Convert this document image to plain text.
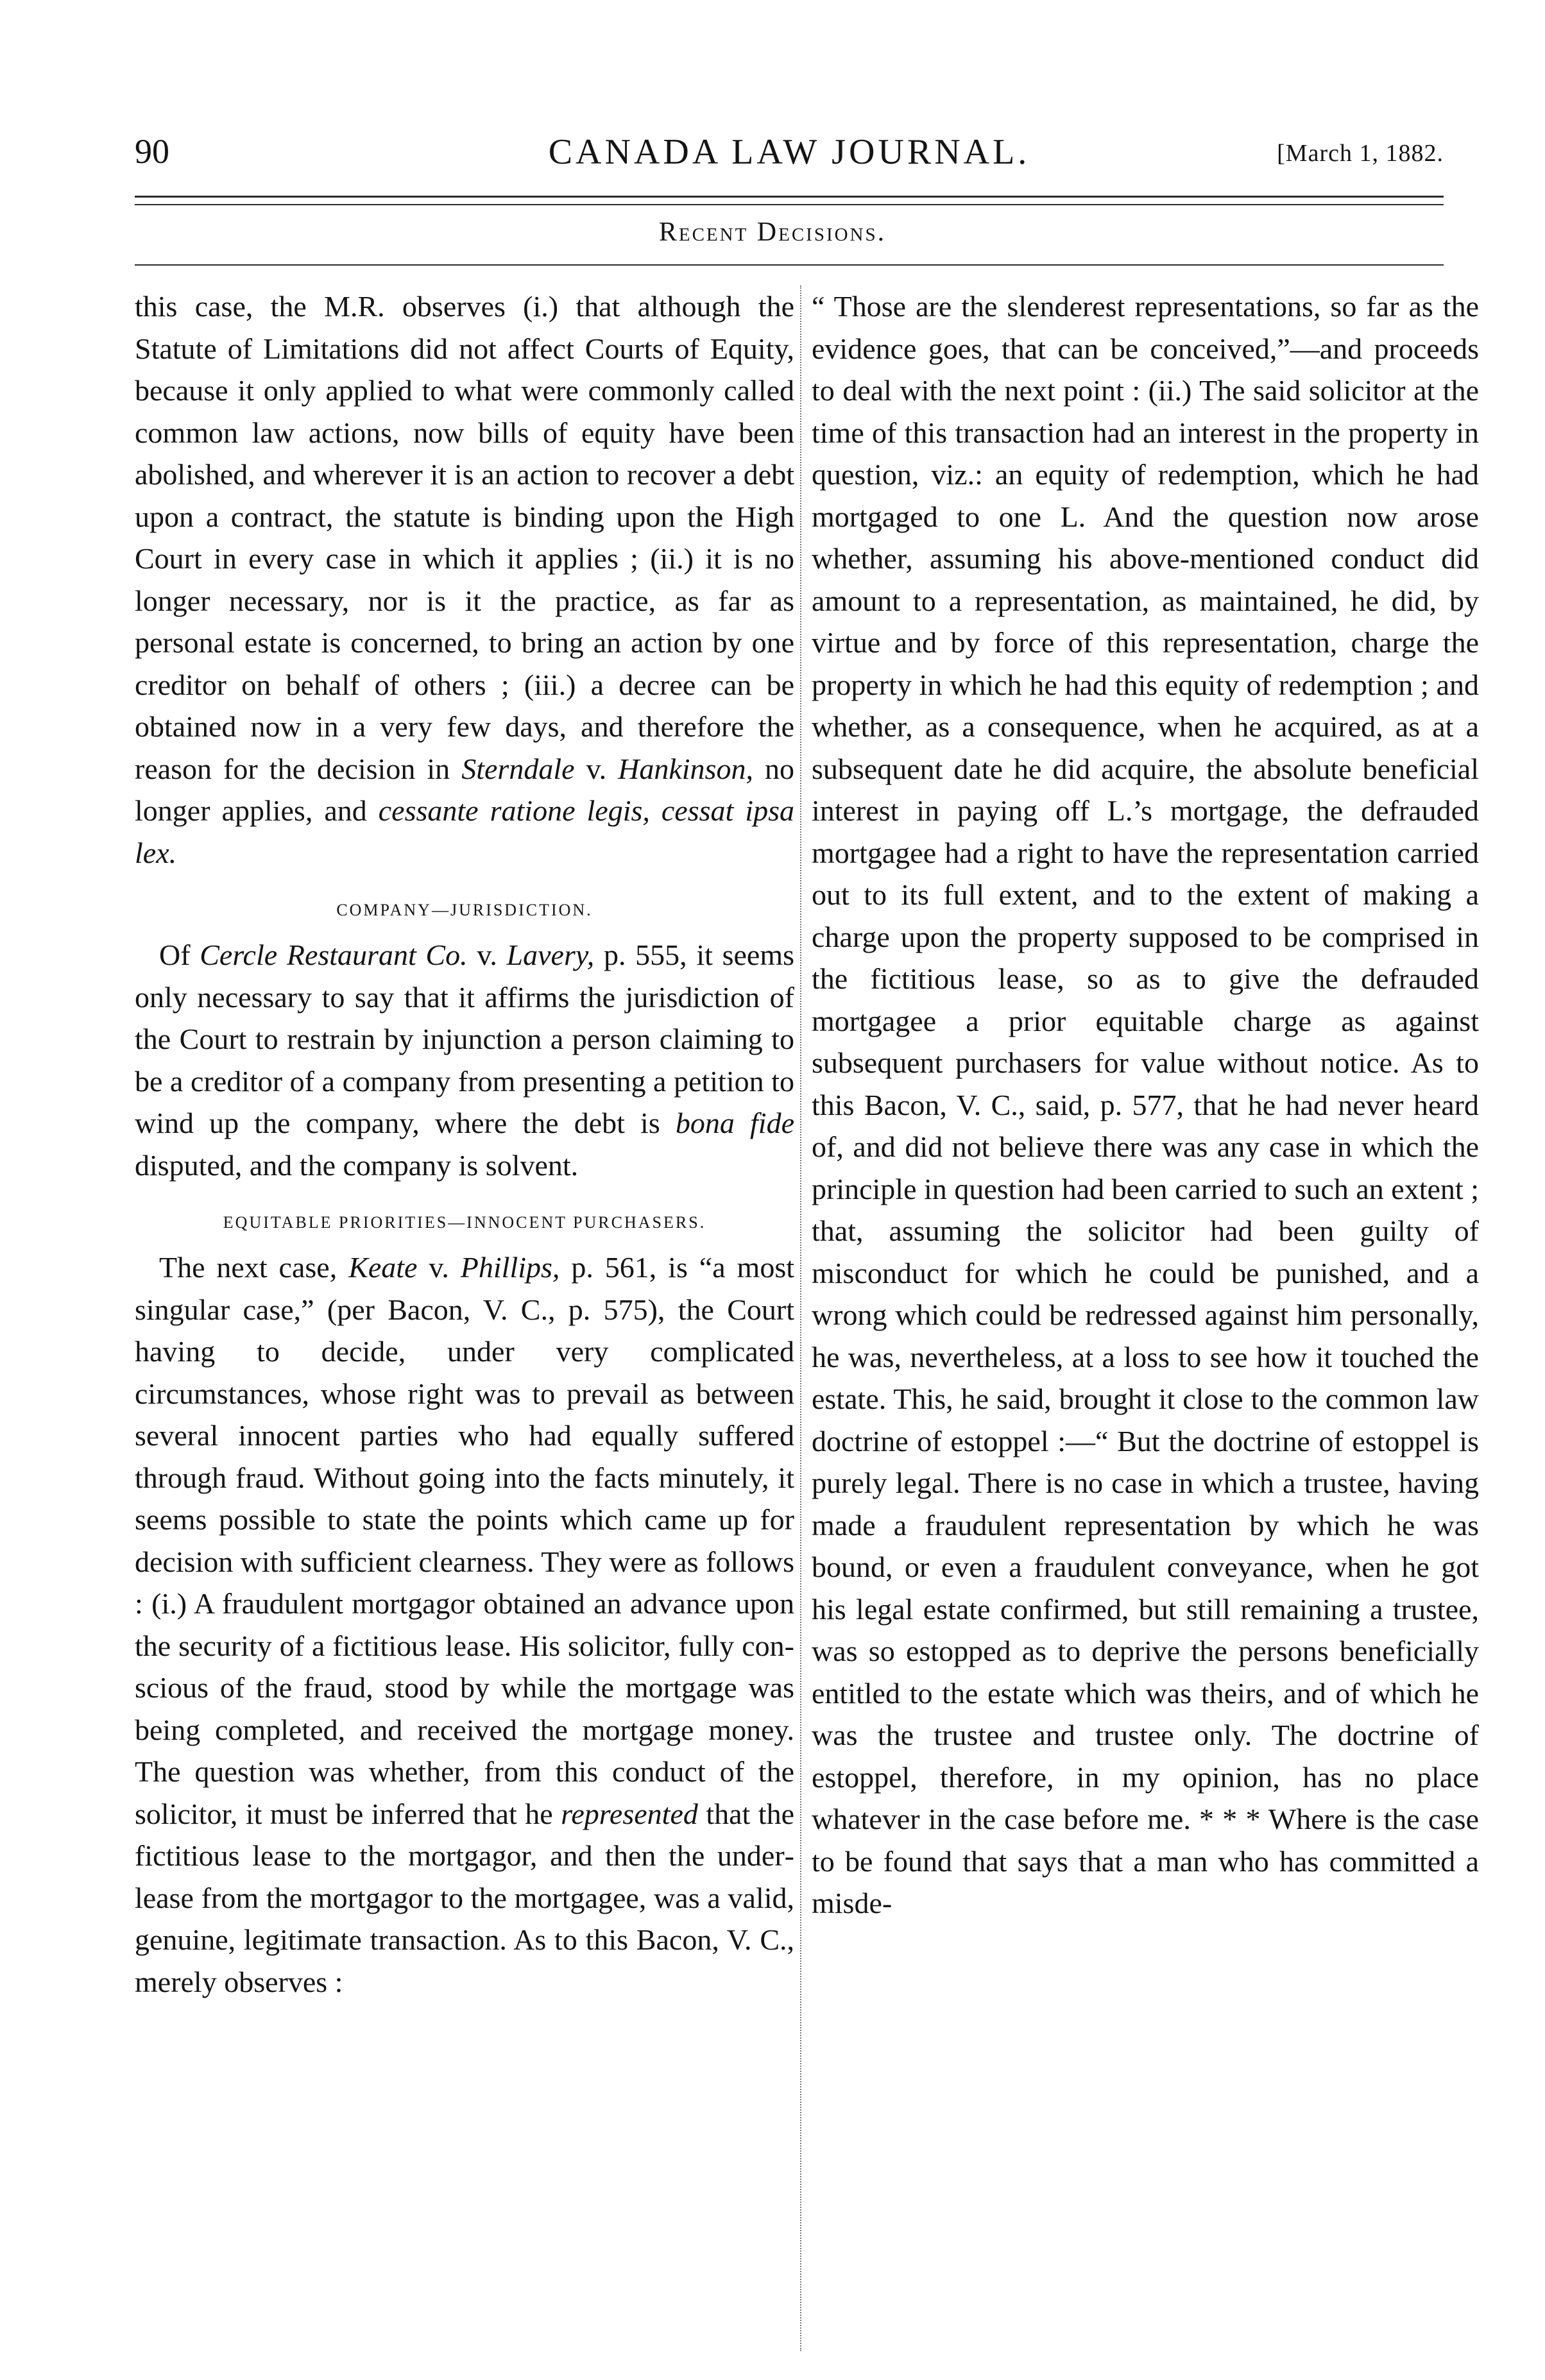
90	CANADA LAW JOURNAL.	[March 1, 1882.
Recent Decisions.

this case, the M.R. observes (i.) that although the Statute of Limitations did not affect Courts of Equity, because it only applied to what were commonly called common law actions, now bills of equity have been abolished, and wherever it is an action to recover a debt upon a contract, the statute is binding upon the High Court in every case in which it applies ; (ii.) it is no longer necessary, nor is it the practice, as far as personal estate is concerned, to bring an action by one creditor on behalf of others ; (iii.) a decree can be obtained now in a very few days, and therefore the reason for the decision in Sterndale v. Hankinson, no longer applies, and cessante ratione legis, cessat ipsa lex.

COMPANY—JURISDICTION.

Of Cercle Restaurant Co. v. Lavery, p. 555, it seems only necessary to say that it affirms the jurisdiction of the Court to restrain by injunction a person claiming to be a creditor of a company from presenting a petition to wind up the company, where the debt is bona fide disputed, and the company is solvent.

EQUITABLE PRIORITIES—INNOCENT PURCHASERS.

The next case, Keate v. Phillips, p. 561, is “a most singular case,” (per Bacon, V. C., p. 575), the Court having to decide, under very complicated circumstances, whose right was to prevail as between several innocent parties who had equally suffered through fraud. Without going into the facts minutely, it seems possible to state the points which came up for decision with sufficient clearness. They were as follows : (i.) A fraudulent mortgagor obtained an advance upon the security of a fictitious lease. His solicitor, fully conscious of the fraud, stood by while the mortgage was being completed, and received the mortgage money. The question was whether, from this conduct of the solicitor, it must be inferred that he represented that the fictitious lease to the mortgagor, and then the underlease from the mortgagor to the mortgagee, was a valid, genuine, legitimate transaction. As to this Bacon, V. C., merely observes :

“ Those are the slenderest representations, so far as the evidence goes, that can be conceived,”—and proceeds to deal with the next point : (ii.) The said solicitor at the time of this transaction had an interest in the property in question, viz.: an equity of redemption, which he had mortgaged to one L. And the question now arose whether, assuming his above-mentioned conduct did amount to a representation, as maintained, he did, by virtue and by force of this representation, charge the property in which he had this equity of redemption ; and whether, as a consequence, when he acquired, as at a subsequent date he did acquire, the absolute beneficial interest in paying off L.’s mortgage, the defrauded mortgagee had a right to have the representation carried out to its full extent, and to the extent of making a charge upon the property supposed to be comprised in the fictitious lease, so as to give the defrauded mortgagee a prior equitable charge as against subsequent purchasers for value without notice. As to this Bacon, V. C., said, p. 577, that he had never heard of, and did not believe there was any case in which the principle in question had been carried to such an extent ; that, assuming the solicitor had been guilty of misconduct for which he could be punished, and a wrong which could be redressed against him personally, he was, nevertheless, at a loss to see how it touched the estate. This, he said, brought it close to the common law doctrine of estoppel :—“ But the doctrine of estoppel is purely legal. There is no case in which a trustee, having made a fraudulent representation by which he was bound, or even a fraudulent conveyance, when he got his legal estate confirmed, but still remaining a trustee, was so estopped as to deprive the persons beneficially entitled to the estate which was theirs, and of which he was the trustee and trustee only. The doctrine of estoppel, therefore, in my opinion, has no place whatever in the case before me. * * * Where is the case to be found that says that a man who has committed a misde-
